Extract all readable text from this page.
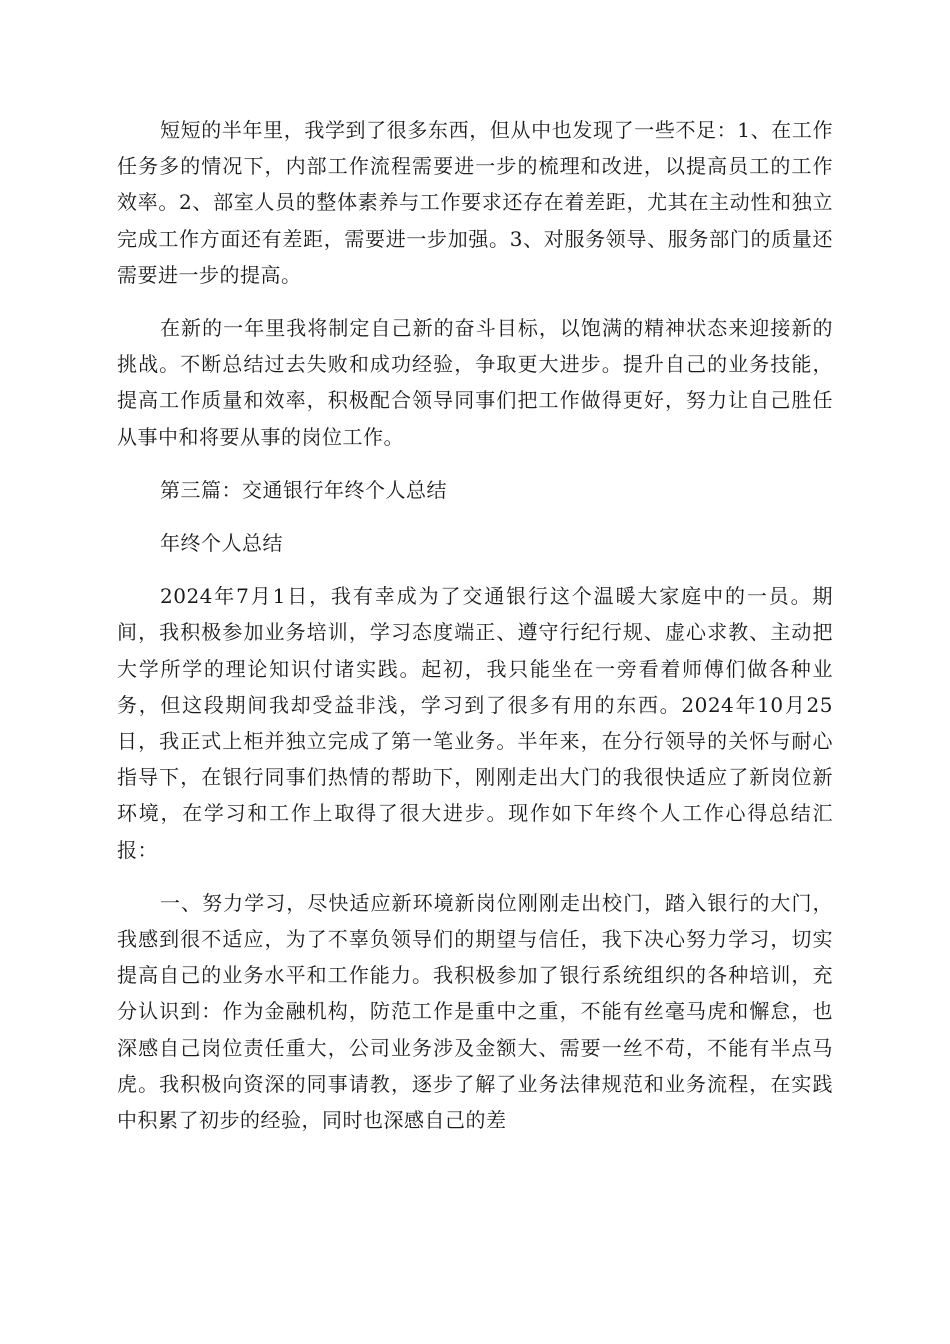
短短的半年里，我学到了很多东西，但从中也发现了一些不足：1、在工作任务多的情况下，内部工作流程需要进一步的梳理和改进，以提高员工的工作效率。2、部室人员的整体素养与工作要求还存在着差距，尤其在主动性和独立完成工作方面还有差距，需要进一步加强。3、对服务领导、服务部门的质量还需要进一步的提高。

在新的一年里我将制定自己新的奋斗目标，以饱满的精神状态来迎接新的挑战。不断总结过去失败和成功经验，争取更大进步。提升自己的业务技能，提高工作质量和效率，积极配合领导同事们把工作做得更好，努力让自己胜任从事中和将要从事的岗位工作。

第三篇：交通银行年终个人总结

年终个人总结

2024年7月1日，我有幸成为了交通银行这个温暖大家庭中的一员。期间，我积极参加业务培训，学习态度端正、遵守行纪行规、虚心求教、主动把大学所学的理论知识付诸实践。起初，我只能坐在一旁看着师傅们做各种业务，但这段期间我却受益非浅，学习到了很多有用的东西。2024年10月25日，我正式上柜并独立完成了第一笔业务。半年来，在分行领导的关怀与耐心指导下，在银行同事们热情的帮助下，刚刚走出大门的我很快适应了新岗位新环境，在学习和工作上取得了很大进步。现作如下年终个人工作心得总结汇报：

一、努力学习，尽快适应新环境新岗位刚刚走出校门，踏入银行的大门，我感到很不适应，为了不辜负领导们的期望与信任，我下决心努力学习，切实提高自己的业务水平和工作能力。我积极参加了银行系统组织的各种培训，充分认识到：作为金融机构，防范工作是重中之重，不能有丝毫马虎和懈怠，也深感自己岗位责任重大，公司业务涉及金额大、需要一丝不苟，不能有半点马虎。我积极向资深的同事请教，逐步了解了业务法律规范和业务流程，在实践中积累了初步的经验，同时也深感自己的差
